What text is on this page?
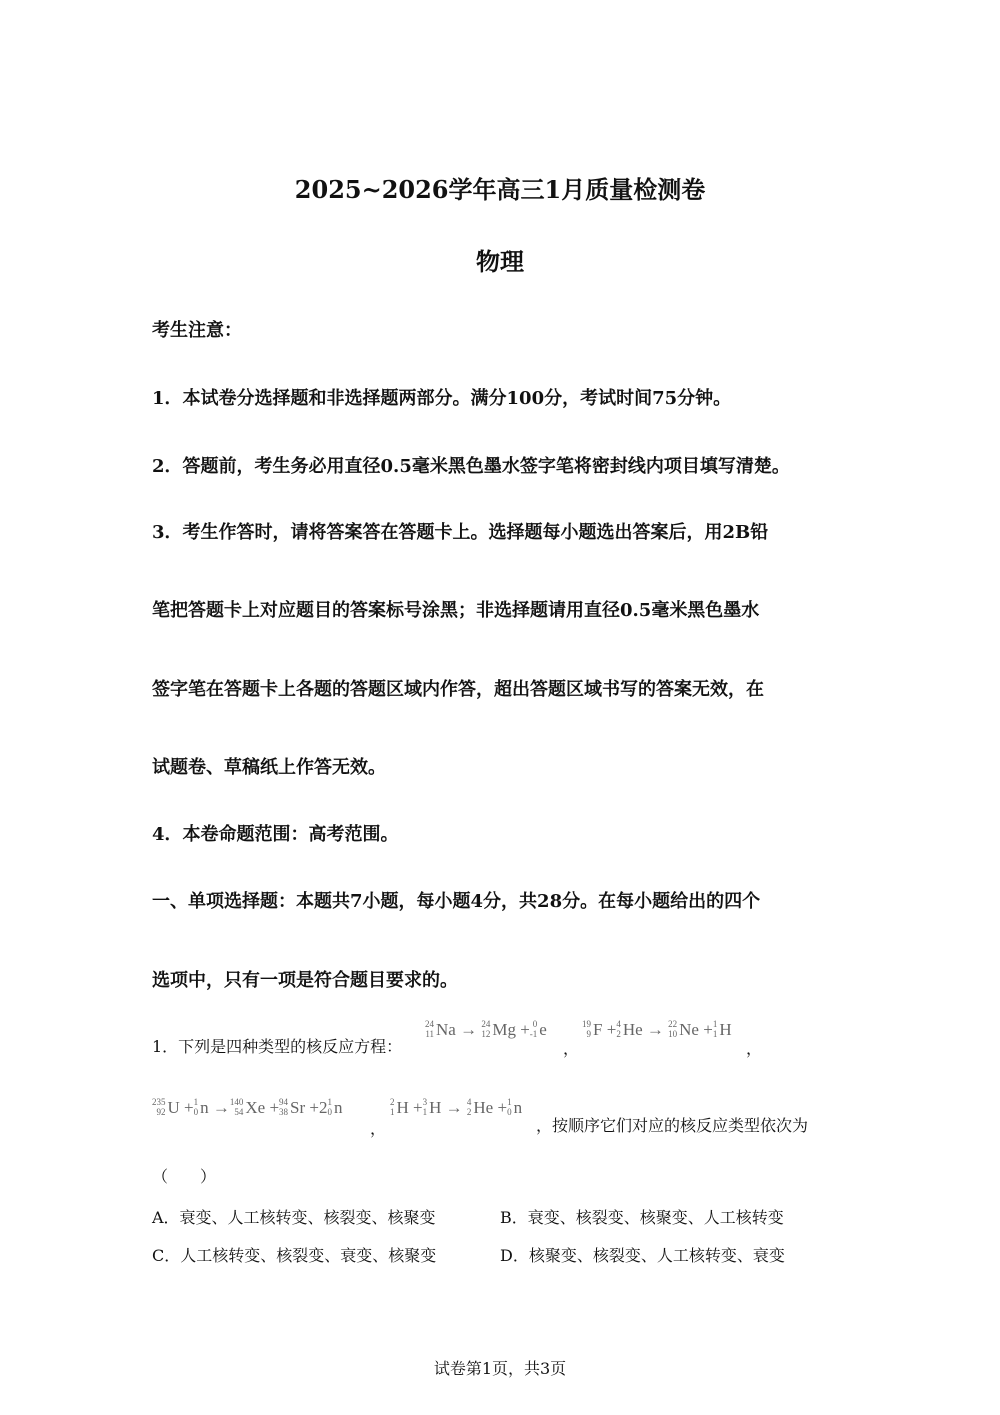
2025~2026学年高三1月质量检测卷
物理
考生注意：
1．本试卷分选择题和非选择题两部分。满分100分，考试时间75分钟。
2．答题前，考生务必用直径0.5毫米黑色墨水签字笔将密封线内项目填写清楚。
3．考生作答时，请将答案答在答题卡上。选择题每小题选出答案后，用2B铅
笔把答题卡上对应题目的答案标号涂黑；非选择题请用直径0.5毫米黑色墨水
签字笔在答题卡上各题的答题区域内作答，超出答题区域书写的答案无效，在
试题卷、草稿纸上作答无效。
4．本卷命题范围：高考范围。
一、单项选择题：本题共7小题，每小题4分，共28分。在每小题给出的四个
选项中，只有一项是符合题目要求的。
1．下列是四种类型的核反应方程：
24
11 Na → 24
12 Mg + 0
-1 e
，
19
9 F + 4
2 He → 22
10 Ne + 1
1 H
，
235
92 U + 1
0 n → 140
54 Xe + 94
38 Sr +2 1
0 n
，
2
1 H + 3
1 H → 4
2 He + 1
0 n
，按顺序它们对应的核反应类型依次为
（　　）
A．衰变、人工核转变、核裂变、核聚变	B．衰变、核裂变、核聚变、人工核转变
C．人工核转变、核裂变、衰变、核聚变	D．核聚变、核裂变、人工核转变、衰变
试卷第1页，共3页
